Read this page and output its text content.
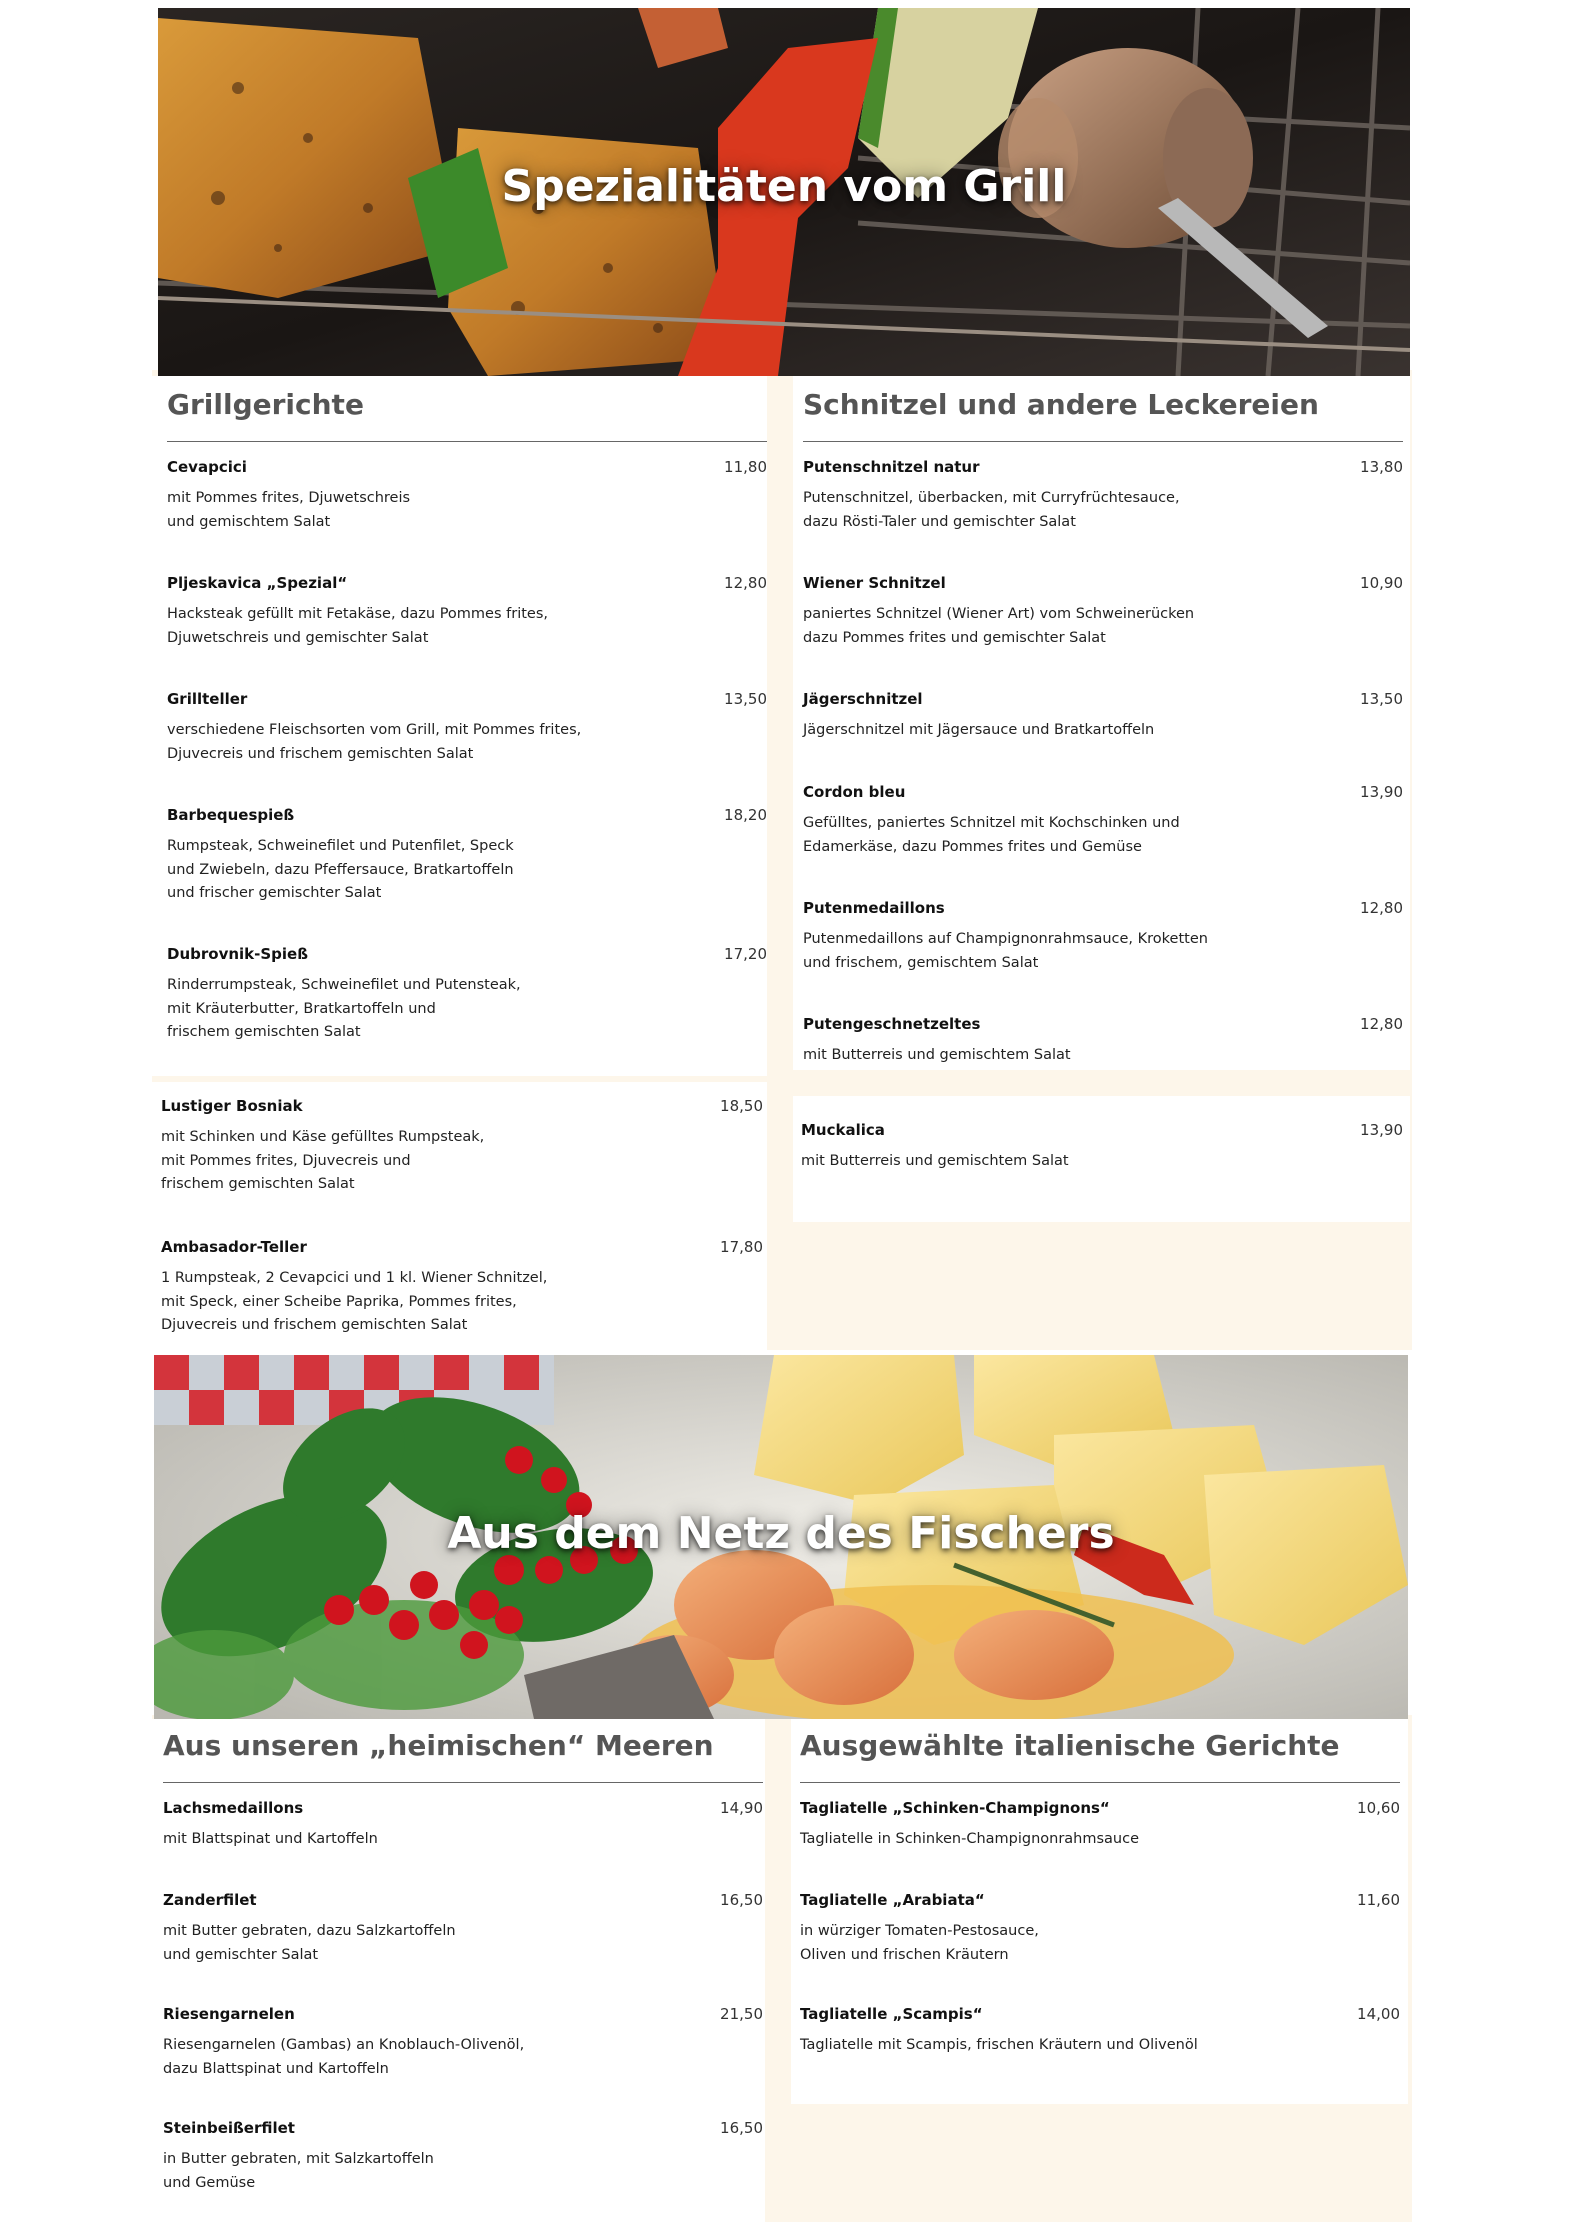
Spezialitäten vom Grill
Grillgerichte
Cevapcici	11,80
mit Pommes frites, Djuwetschreis
und gemischtem Salat
Pljeskavica „Spezial“	12,80
Hacksteak gefüllt mit Fetakäse, dazu Pommes frites,
Djuwetschreis und gemischter Salat
Grillteller	13,50
verschiedene Fleischsorten vom Grill, mit Pommes frites,
Djuvecreis und frischem gemischten Salat
Barbequespieß	18,20
Rumpsteak, Schweinefilet und Putenfilet, Speck
und Zwiebeln, dazu Pfeffersauce, Bratkartoffeln
und frischer gemischter Salat
Dubrovnik-Spieß	17,20
Rinderrumpsteak, Schweinefilet und Putensteak,
mit Kräuterbutter, Bratkartoffeln und
frischem gemischten Salat
Lustiger Bosniak	18,50
mit Schinken und Käse gefülltes Rumpsteak,
mit Pommes frites, Djuvecreis und
frischem gemischten Salat
Ambasador-Teller	17,80
1 Rumpsteak, 2 Cevapcici und 1 kl. Wiener Schnitzel,
mit Speck, einer Scheibe Paprika, Pommes frites,
Djuvecreis und frischem gemischten Salat
Schnitzel und andere Leckereien
Putenschnitzel natur	13,80
Putenschnitzel, überbacken, mit Curryfrüchtesauce,
dazu Rösti-Taler und gemischter Salat
Wiener Schnitzel	10,90
paniertes Schnitzel (Wiener Art) vom Schweinerücken
dazu Pommes frites und gemischter Salat
Jägerschnitzel	13,50
Jägerschnitzel mit Jägersauce und Bratkartoffeln
Cordon bleu	13,90
Gefülltes, paniertes Schnitzel mit Kochschinken und
Edamerkäse, dazu Pommes frites und Gemüse
Putenmedaillons	12,80
Putenmedaillons auf Champignonrahmsauce, Kroketten
und frischem, gemischtem Salat
Putengeschnetzeltes	12,80
mit Butterreis und gemischtem Salat
Muckalica	13,90
mit Butterreis und gemischtem Salat
Aus dem Netz des Fischers
Aus unseren „heimischen“ Meeren
Lachsmedaillons	14,90
mit Blattspinat und Kartoffeln
Zanderfilet	16,50
mit Butter gebraten, dazu Salzkartoffeln
und gemischter Salat
Riesengarnelen	21,50
Riesengarnelen (Gambas) an Knoblauch-Olivenöl,
dazu Blattspinat und Kartoffeln
Steinbeißerfilet	16,50
in Butter gebraten, mit Salzkartoffeln
und Gemüse
Ausgewählte italienische Gerichte
Tagliatelle „Schinken-Champignons“	10,60
Tagliatelle in Schinken-Champignonrahmsauce
Tagliatelle „Arabiata“	11,60
in würziger Tomaten-Pestosauce,
Oliven und frischen Kräutern
Tagliatelle „Scampis“	14,00
Tagliatelle mit Scampis, frischen Kräutern und Olivenöl
